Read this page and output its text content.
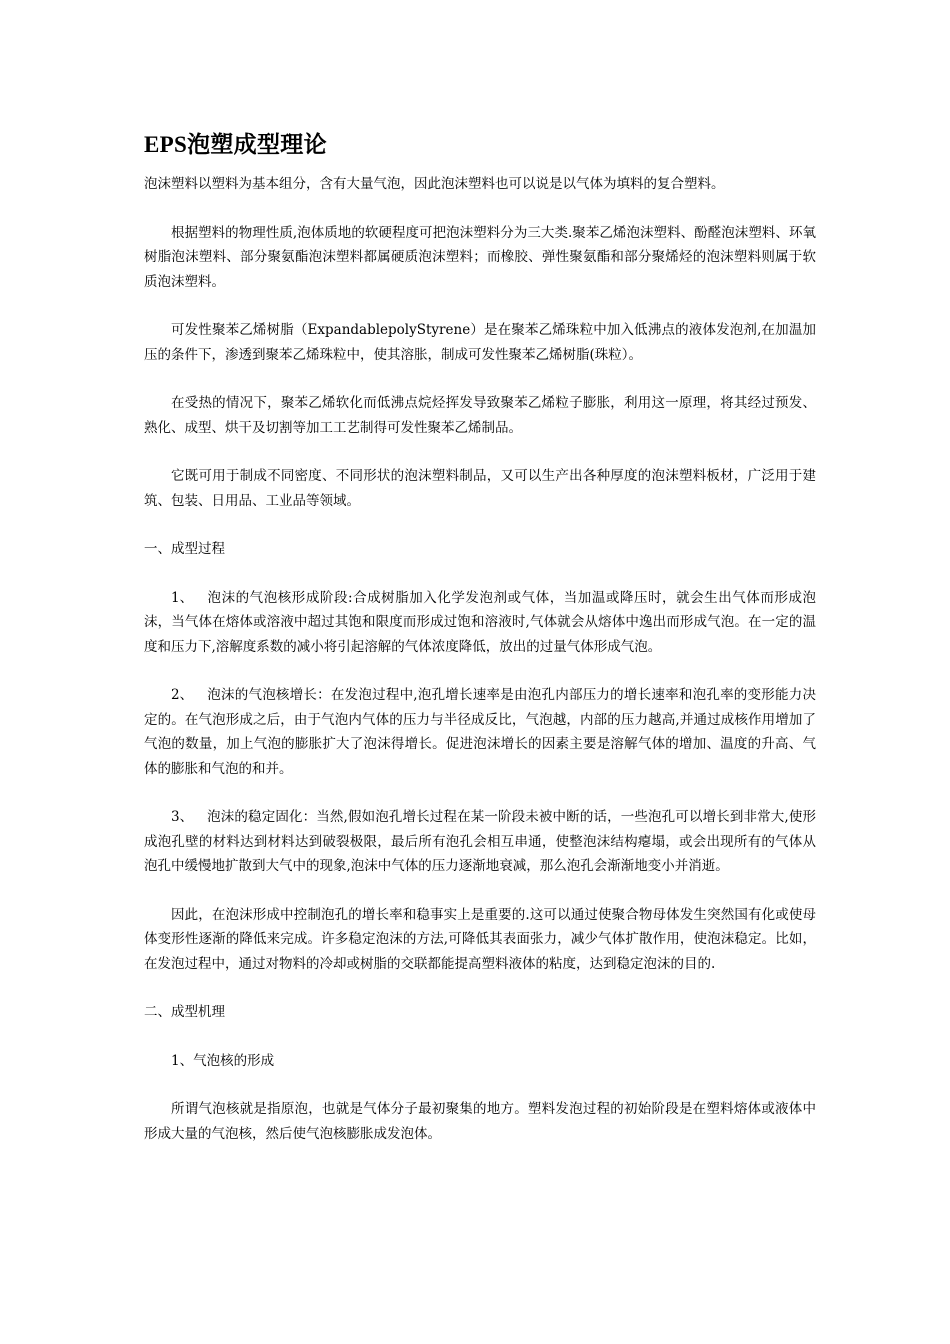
EPS泡塑成型理论

泡沫塑料以塑料为基本组分，含有大量气泡，因此泡沫塑料也可以说是以气体为填料的复合塑料。

根据塑料的物理性质,泡体质地的软硬程度可把泡沫塑料分为三大类.聚苯乙烯泡沫塑料、酚醛泡沫塑料、环氧树脂泡沫塑料、部分聚氨酯泡沫塑料都属硬质泡沫塑料；而橡胶、弹性聚氨酯和部分聚烯烃的泡沫塑料则属于软质泡沫塑料。

可发性聚苯乙烯树脂（ExpandablepolyStyrene）是在聚苯乙烯珠粒中加入低沸点的液体发泡剂,在加温加压的条件下，渗透到聚苯乙烯珠粒中，使其溶胀，制成可发性聚苯乙烯树脂(珠粒）。

在受热的情况下，聚苯乙烯软化而低沸点烷烃挥发导致聚苯乙烯粒子膨胀，利用这一原理，将其经过预发、熟化、成型、烘干及切割等加工工艺制得可发性聚苯乙烯制品。

它既可用于制成不同密度、不同形状的泡沫塑料制品，又可以生产出各种厚度的泡沫塑料板材，广泛用于建筑、包装、日用品、工业品等领域。

一、成型过程

1、 泡沫的气泡核形成阶段:合成树脂加入化学发泡剂或气体，当加温或降压时，就会生出气体而形成泡沫，当气体在熔体或溶液中超过其饱和限度而形成过饱和溶液时,气体就会从熔体中逸出而形成气泡。在一定的温度和压力下,溶解度系数的减小将引起溶解的气体浓度降低，放出的过量气体形成气泡。

2、 泡沫的气泡核增长：在发泡过程中,泡孔增长速率是由泡孔内部压力的增长速率和泡孔率的变形能力决定的。在气泡形成之后，由于气泡内气体的压力与半径成反比，气泡越，内部的压力越高,并通过成核作用增加了气泡的数量，加上气泡的膨胀扩大了泡沫得增长。促进泡沫增长的因素主要是溶解气体的增加、温度的升高、气体的膨胀和气泡的和并。

3、 泡沫的稳定固化：当然,假如泡孔增长过程在某一阶段未被中断的话，一些泡孔可以增长到非常大,使形成泡孔壁的材料达到材料达到破裂极限，最后所有泡孔会相互串通，使整泡沫结构瘪塌，或会出现所有的气体从泡孔中缓慢地扩散到大气中的现象,泡沫中气体的压力逐渐地衰减，那么泡孔会渐渐地变小并消逝。

因此，在泡沫形成中控制泡孔的增长率和稳事实上是重要的.这可以通过使聚合物母体发生突然国有化或使母体变形性逐渐的降低来完成。许多稳定泡沫的方法,可降低其表面张力，减少气体扩散作用，使泡沫稳定。比如，在发泡过程中，通过对物料的冷却或树脂的交联都能提高塑料液体的粘度，达到稳定泡沫的目的.

二、成型机理

1、气泡核的形成

所谓气泡核就是指原泡，也就是气体分子最初聚集的地方。塑料发泡过程的初始阶段是在塑料熔体或液体中形成大量的气泡核，然后使气泡核膨胀成发泡体。
